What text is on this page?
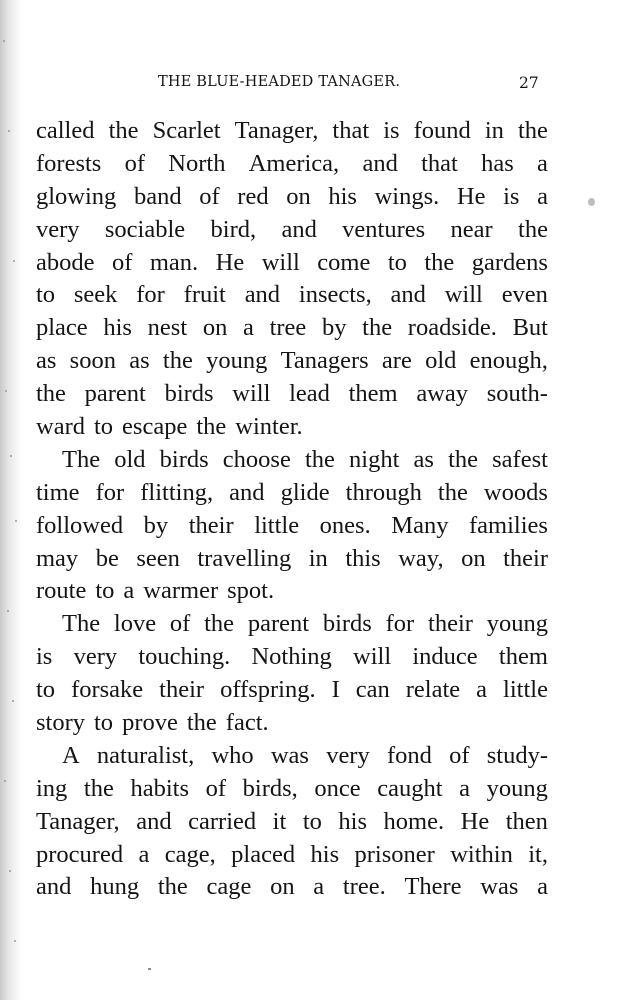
THE BLUE-HEADED TANAGER.	27
called the Scarlet Tanager, that is found in the
forests of North America, and that has a
glowing band of red on his wings. He is a
very sociable bird, and ventures near the
abode of man. He will come to the gardens
to seek for fruit and insects, and will even
place his nest on a tree by the roadside. But
as soon as the young Tanagers are old enough,
the parent birds will lead them away south-
ward to escape the winter.
The old birds choose the night as the safest
time for flitting, and glide through the woods
followed by their little ones. Many families
may be seen travelling in this way, on their
route to a warmer spot.
The love of the parent birds for their young
is very touching. Nothing will induce them
to forsake their offspring. I can relate a little
story to prove the fact.
A naturalist, who was very fond of study-
ing the habits of birds, once caught a young
Tanager, and carried it to his home. He then
procured a cage, placed his prisoner within it,
and hung the cage on a tree. There was a
